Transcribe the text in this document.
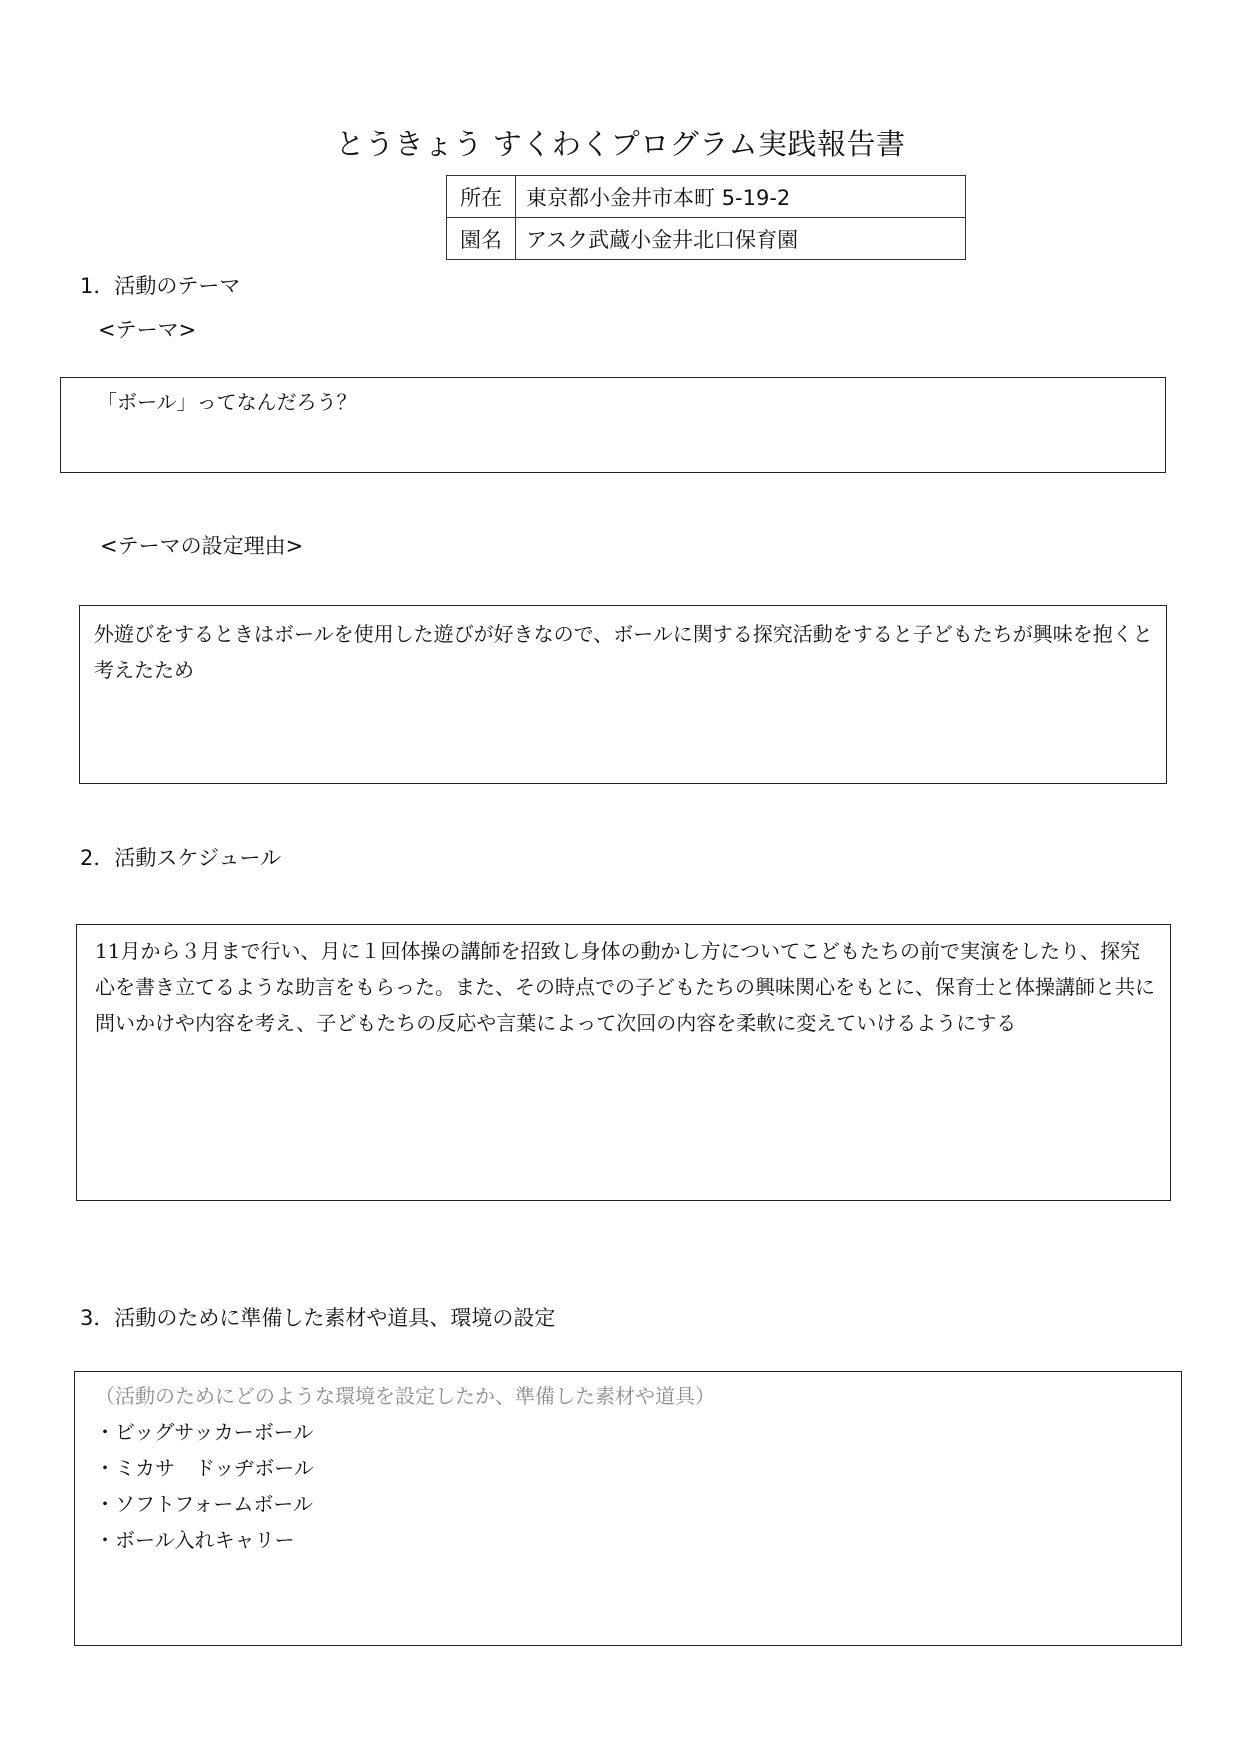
とうきょう すくわくプログラム実践報告書
所在	東京都小金井市本町 5-19-2
園名	アスク武蔵小金井北口保育園
1．活動のテーマ
<テーマ>
「ボール」ってなんだろう？
<テーマの設定理由>

外遊びをするときはボールを使用した遊びが好きなので、ボールに関する探究活動をすると子どもたちが興味を抱くと考えたため

2．活動スケジュール

11月から３月まで行い、月に１回体操の講師を招致し身体の動かし方についてこどもたちの前で実演をしたり、探究心を書き立てるような助言をもらった。また、その時点での子どもたちの興味関心をもとに、保育士と体操講師と共に問いかけや内容を考え、子どもたちの反応や言葉によって次回の内容を柔軟に変えていけるようにする

3．活動のために準備した素材や道具、環境の設定
（活動のためにどのような環境を設定したか、準備した素材や道具）
・ビッグサッカーボール
・ミカサ　ドッヂボール
・ソフトフォームボール
・ボール入れキャリー
